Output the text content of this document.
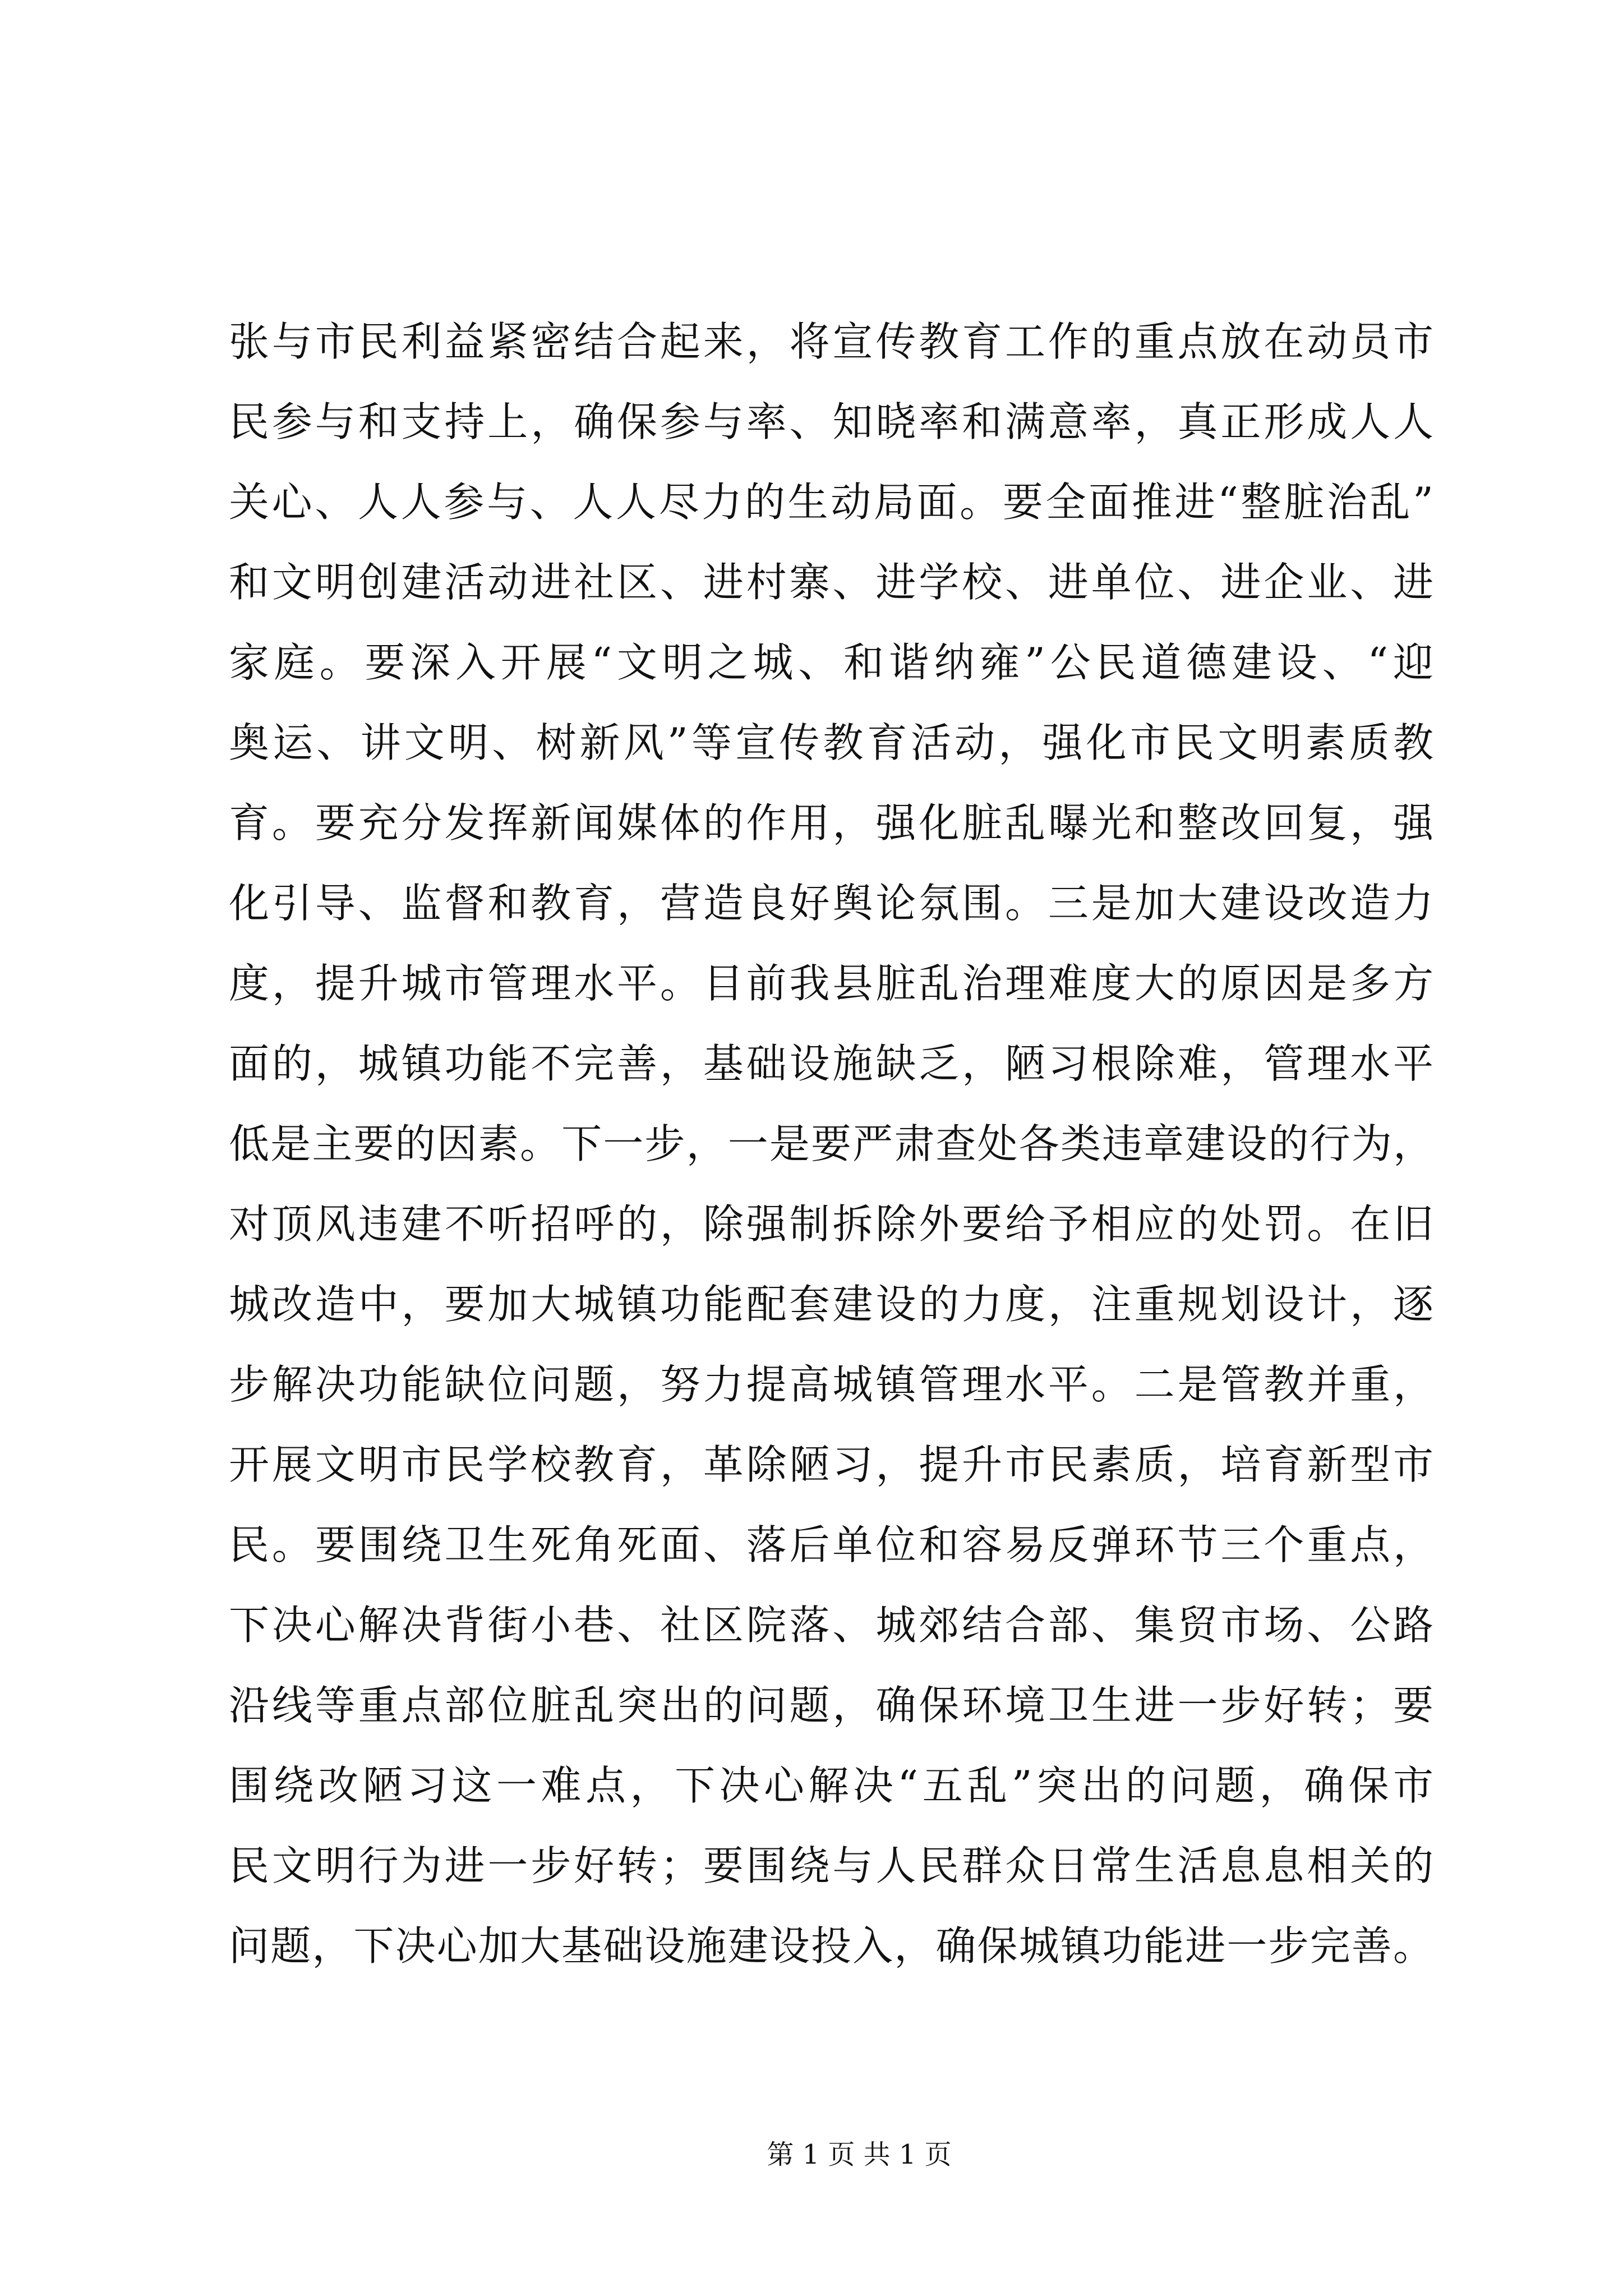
张与市民利益紧密结合起来，将宣传教育工作的重点放在动员市
民参与和支持上，确保参与率、知晓率和满意率，真正形成人人
关心、人人参与、人人尽力的生动局面。要全面推进“整脏治乱”
和文明创建活动进社区、进村寨、进学校、进单位、进企业、进
家庭。要深入开展“文明之城、和谐纳雍”公民道德建设、“迎
奥运、讲文明、树新风”等宣传教育活动，强化市民文明素质教
育。要充分发挥新闻媒体的作用，强化脏乱曝光和整改回复，强
化引导、监督和教育，营造良好舆论氛围。三是加大建设改造力
度，提升城市管理水平。目前我县脏乱治理难度大的原因是多方
面的，城镇功能不完善，基础设施缺乏，陋习根除难，管理水平
低是主要的因素。下一步，一是要严肃查处各类违章建设的行为，
对顶风违建不听招呼的，除强制拆除外要给予相应的处罚。在旧
城改造中，要加大城镇功能配套建设的力度，注重规划设计，逐
步解决功能缺位问题，努力提高城镇管理水平。二是管教并重，
开展文明市民学校教育，革除陋习，提升市民素质，培育新型市
民。要围绕卫生死角死面、落后单位和容易反弹环节三个重点，
下决心解决背街小巷、社区院落、城郊结合部、集贸市场、公路
沿线等重点部位脏乱突出的问题，确保环境卫生进一步好转；要
围绕改陋习这一难点，下决心解决“五乱”突出的问题，确保市
民文明行为进一步好转；要围绕与人民群众日常生活息息相关的
问题，下决心加大基础设施建设投入，确保城镇功能进一步完善。
第 1 页 共 1 页
